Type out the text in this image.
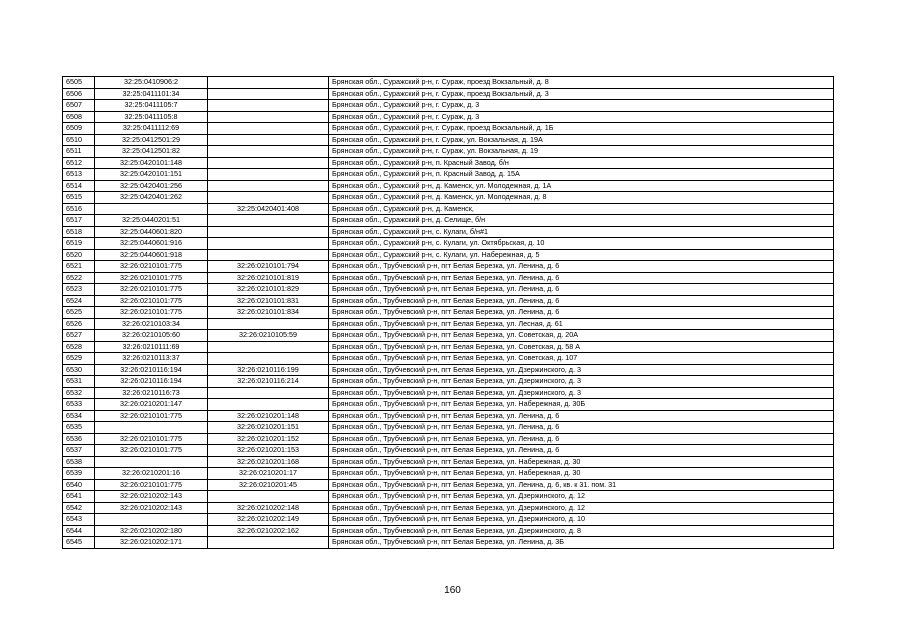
6505	32:25:0410906:2		Брянская обл., Суражский р-н, г. Сураж, проезд Вокзальный, д. 8
6506	32:25:0411101:34		Брянская обл., Суражский р-н, г. Сураж, проезд Вокзальный, д. 3
6507	32:25:0411105:7		Брянская обл., Суражский р-н, г. Сураж, д. 3
6508	32:25:0411105:8		Брянская обл., Суражский р-н, г. Сураж, д. 3
6509	32:25:0411112:69		Брянская обл., Суражский р-н, г. Сураж, проезд Вокзальный, д. 1Б
6510	32:25:0412501:29		Брянская обл., Суражский р-н, г. Сураж, ул. Вокзальная, д. 19А
6511	32:25:0412501:82		Брянская обл., Суражский р-н, г. Сураж, ул. Вокзальная, д. 19
6512	32:25:0420101:148		Брянская обл., Суражский р-н, п. Красный Завод, б/н
6513	32:25:0420101:151		Брянская обл., Суражский р-н, п. Красный Завод, д. 15А
6514	32:25:0420401:256		Брянская обл., Суражский р-н, д. Каменск, ул. Молодежная, д. 1А
6515	32:25:0420401:262		Брянская обл., Суражский р-н, д. Каменск, ул. Молодежная, д. 8
6516		32:25:0420401:408	Брянская обл., Суражский р-н, д. Каменск,
6517	32:25:0440201:51		Брянская обл., Суражский р-н, д. Селище, б/н
6518	32:25:0440601:820		Брянская обл., Суражский р-н, с. Кулаги, б/н#1
6519	32:25:0440601:916		Брянская обл., Суражский р-н, с. Кулаги, ул. Октябрьская, д. 10
6520	32:25:0440601:918		Брянская обл., Суражский р-н, с. Кулаги, ул. Набережная, д. 5
6521	32:26:0210101:775	32:26:0210101:794	Брянская обл., Трубчевский р-н, пгт Белая Березка, ул. Ленина, д. 6
6522	32:26:0210101:775	32:26:0210101:819	Брянская обл., Трубчевский р-н, пгт Белая Березка, ул. Ленина, д. 6
6523	32:26:0210101:775	32:26:0210101:829	Брянская обл., Трубчевский р-н, пгт Белая Березка, ул. Ленина, д. 6
6524	32:26:0210101:775	32:26:0210101:831	Брянская обл., Трубчевский р-н, пгт Белая Березка, ул. Ленина, д. 6
6525	32:26:0210101:775	32:26:0210101:834	Брянская обл., Трубчевский р-н, пгт Белая Березка, ул. Ленина, д. 6
6526	32:26:0210103:34		Брянская обл., Трубчевский р-н, пгт Белая Березка, ул. Лесная, д. 61
6527	32:26:0210105:60	32:26:0210105:59	Брянская обл., Трубчевский р-н, пгт Белая Березка, ул. Советская, д. 20А
6528	32:26:0210111:69		Брянская обл., Трубчевский р-н, пгт Белая Березка, ул. Советская, д. 58 А
6529	32:26:0210113:37		Брянская обл., Трубчевский р-н, пгт Белая Березка, ул. Советская, д. 107
6530	32:26:0210116:194	32:26:0210116:199	Брянская обл., Трубчевский р-н, пгт Белая Березка, ул. Дзержинского, д. 3
6531	32:26:0210116:194	32:26:0210116:214	Брянская обл., Трубчевский р-н, пгт Белая Березка, ул. Дзержинского, д. 3
6532	32:26:0210116:73		Брянская обл., Трубчевский р-н, пгт Белая Березка, ул. Дзержинского, д. 3
6533	32:26:0210201:147		Брянская обл., Трубчевский р-н, пгт Белая Березка, ул. Набережная, д. 30Б
6534	32:26:0210101:775	32:26:0210201:148	Брянская обл., Трубчевский р-н, пгт Белая Березка, ул. Ленина, д. 6
6535		32:26:0210201:151	Брянская обл., Трубчевский р-н, пгт Белая Березка, ул. Ленина, д. 6
6536	32:26:0210101:775	32:26:0210201:152	Брянская обл., Трубчевский р-н, пгт Белая Березка, ул. Ленина, д. 6
6537	32:26:0210101:775	32:26:0210201:153	Брянская обл., Трубчевский р-н, пгт Белая Березка, ул. Ленина, д. 6
6538		32:26:0210201:168	Брянская обл., Трубчевский р-н, пгт Белая Березка, ул. Набережная, д. 30
6539	32:26:0210201:16	32:26:0210201:17	Брянская обл., Трубчевский р-н, пгт Белая Березка, ул. Набережная, д. 30
6540	32:26:0210101:775	32:26:0210201:45	Брянская обл., Трубчевский р-н, пгт Белая Березка, ул. Ленина, д. 6, кв. к 31. пом. 31
6541	32:26:0210202:143		Брянская обл., Трубчевский р-н, пгт Белая Березка, ул. Дзержинского, д. 12
6542	32:26:0210202:143	32:26:0210202:148	Брянская обл., Трубчевский р-н, пгт Белая Березка, ул. Дзержинского, д. 12
6543		32:26:0210202:149	Брянская обл., Трубчевский р-н, пгт Белая Березка, ул. Дзержинского, д. 10
6544	32:26:0210202:180	32:26:0210202:162	Брянская обл., Трубчевский р-н, пгт Белая Березка, ул. Дзержинского, д. 8
6545	32:26:0210202:171		Брянская обл., Трубчевский р-н, пгт Белая Березка, ул. Ленина, д. 3Б
160
